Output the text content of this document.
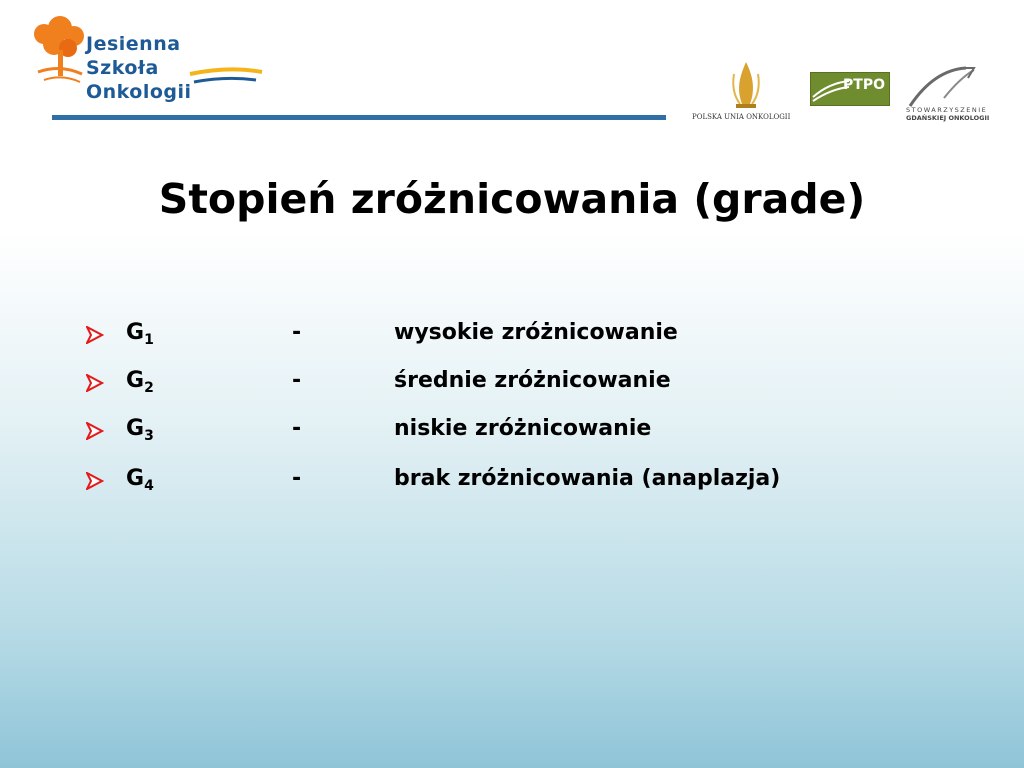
Jesienna
Szkoła
Onkologii
POLSKA UNIA ONKOLOGII
PTPO
STOWARZYSZENIE
GDAŃSKIEJ ONKOLOGII
Stopień zróżnicowania (grade)
$G_1$	-	wysokie zróżnicowanie
$G_2$	-	średnie zróżnicowanie
$G_3$	-	niskie zróżnicowanie
$G_4$	-	brak zróżnicowania (anaplazja)
